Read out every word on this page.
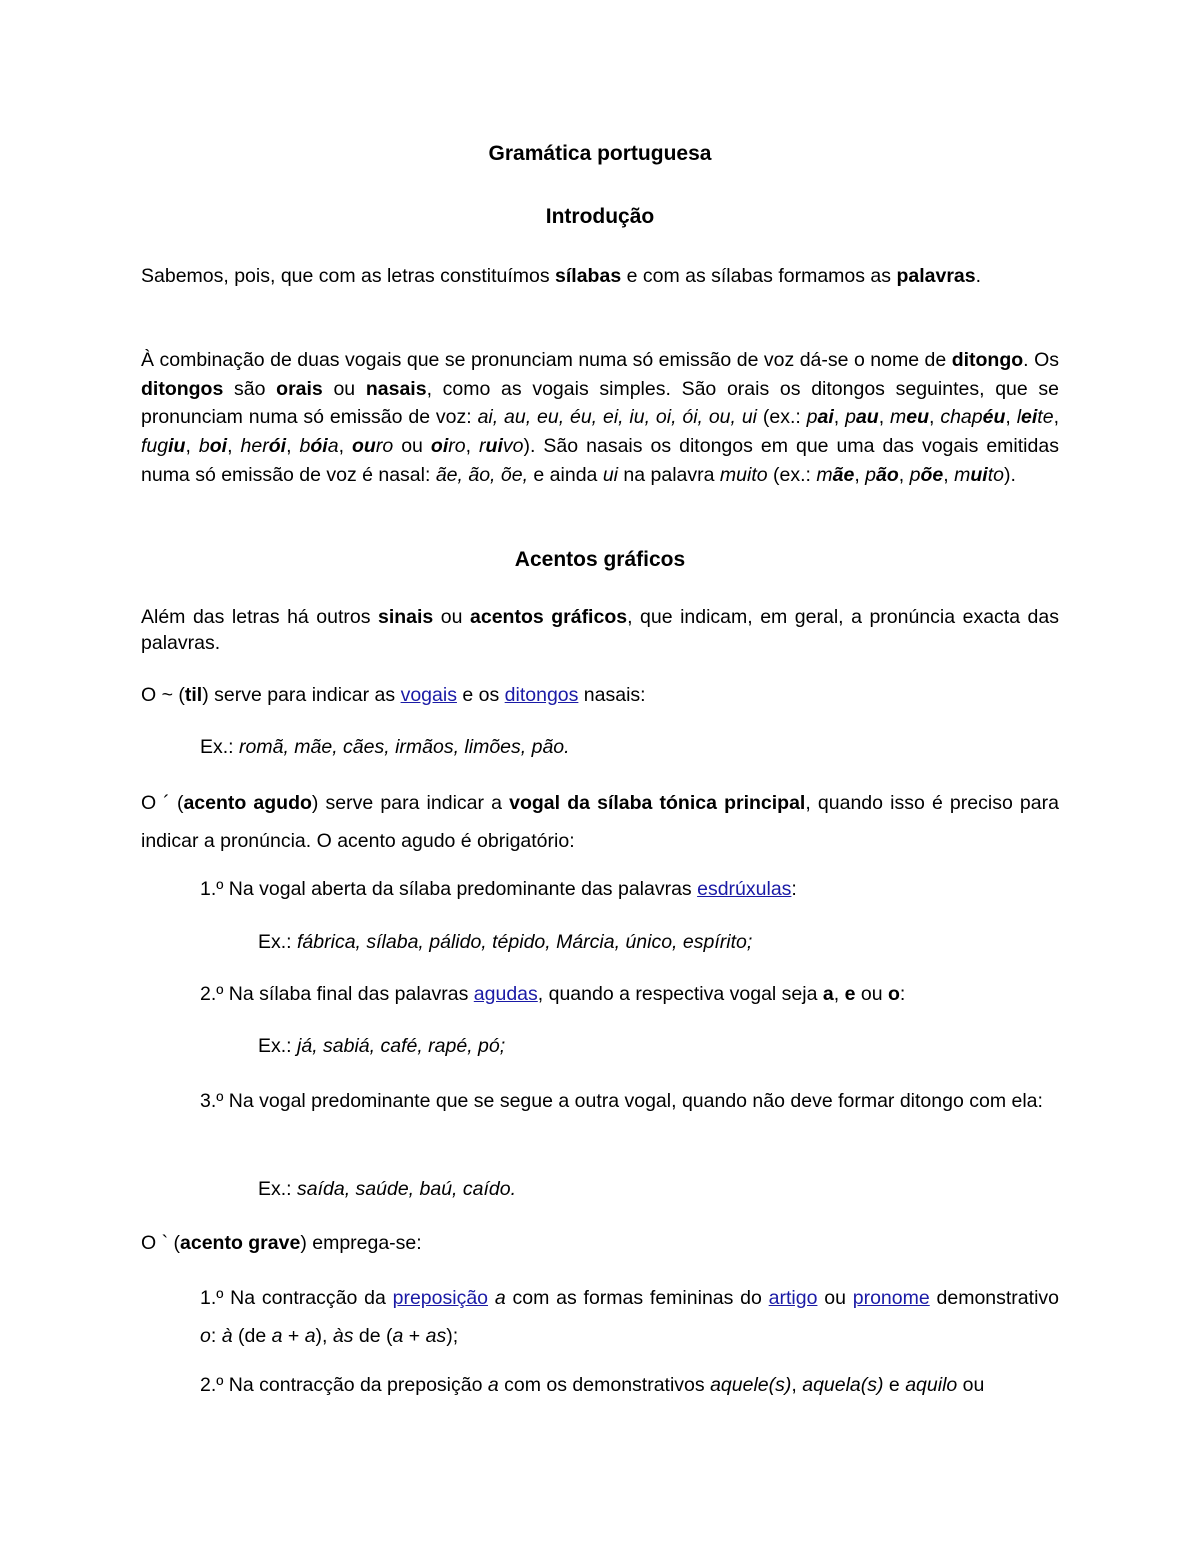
Gramática portuguesa
Introdução
Sabemos, pois, que com as letras constituímos sílabas e com as sílabas formamos as palavras.
À combinação de duas vogais que se pronunciam numa só emissão de voz dá-se o nome de ditongo. Os ditongos são orais ou nasais, como as vogais simples. São orais os ditongos seguintes, que se pronunciam numa só emissão de voz: ai, au, eu, éu, ei, iu, oi, ói, ou, ui (ex.: pai, pau, meu, chapéu, leite, fugiu, boi, herói, bóia, ouro ou oiro, ruivo). São nasais os ditongos em que uma das vogais emitidas numa só emissão de voz é nasal: ãe, ão, õe, e ainda ui na palavra muito (ex.: mãe, pão, põe, muito).
Acentos gráficos
Além das letras há outros sinais ou acentos gráficos, que indicam, em geral, a pronúncia exacta das palavras.
O ~ (til) serve para indicar as vogais e os ditongos nasais:
Ex.: romã, mãe, cães, irmãos, limões, pão.
O ´ (acento agudo) serve para indicar a vogal da sílaba tónica principal, quando isso é preciso para indicar a pronúncia. O acento agudo é obrigatório:
1.º Na vogal aberta da sílaba predominante das palavras esdrúxulas:
Ex.: fábrica, sílaba, pálido, tépido, Márcia, único, espírito;
2.º Na sílaba final das palavras agudas, quando a respectiva vogal seja a, e ou o:
Ex.: já, sabiá, café, rapé, pó;
3.º Na vogal predominante que se segue a outra vogal, quando não deve formar ditongo com ela:
Ex.: saída, saúde, baú, caído.
O ` (acento grave) emprega-se:
1.º Na contracção da preposição a com as formas femininas do artigo ou pronome demonstrativo o: à (de a + a), às de (a + as);
2.º Na contracção da preposição a com os demonstrativos aquele(s), aquela(s) e aquilo ou
